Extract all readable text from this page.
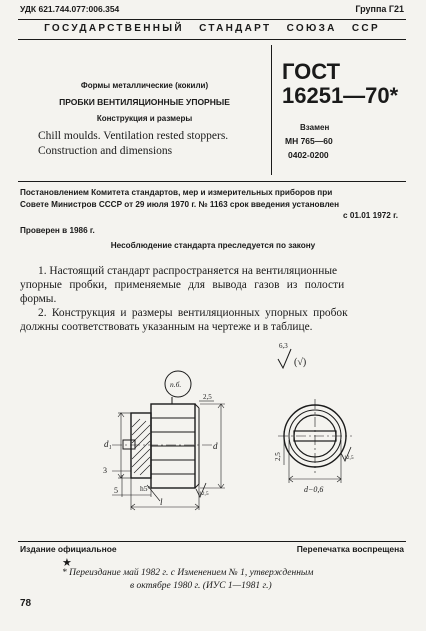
УДК 621.744.077:006.354	Группа Г21
ГОСУДАРСТВЕННЫЙ   СТАНДАРТ   СОЮЗА   ССР
Формы металлические (кокили)
ПРОБКИ ВЕНТИЛЯЦИОННЫЕ УПОРНЫЕ
Конструкция и размеры
Chill moulds. Ventilation rested stoppers.
Construction and dimensions
ГОСТ
16251—70*
Взамен
МН 765—60
0402-0200
Постановлением Комитета стандартов, мер и измерительных приборов при
Совете Министров СССР от 29 июля 1970 г. № 1163 срок введения установлен
с 01.01 1972 г.
Проверен в 1986 г.
Несоблюдение стандарта преследуется по закону
1. Настоящий стандарт распространяется на вентиляционные
упорные пробки, применяемые для вывода газов из полости
формы.
2. Конструкция и размеры вентиляционных упорных пробок
должны соответствовать указанным на чертеже и в таблице.
(√)
6,3
п.б.
d₁	d
2,5
3
5
l
h5°	d−0,6
2,5
12,5
12,5
Издание официальное	Перепечатка воспрещена
★
* Переиздание май 1982 г. с Изменением № 1, утвержденным
в октябре 1980 г. (ИУС 1—1981 г.)
78
